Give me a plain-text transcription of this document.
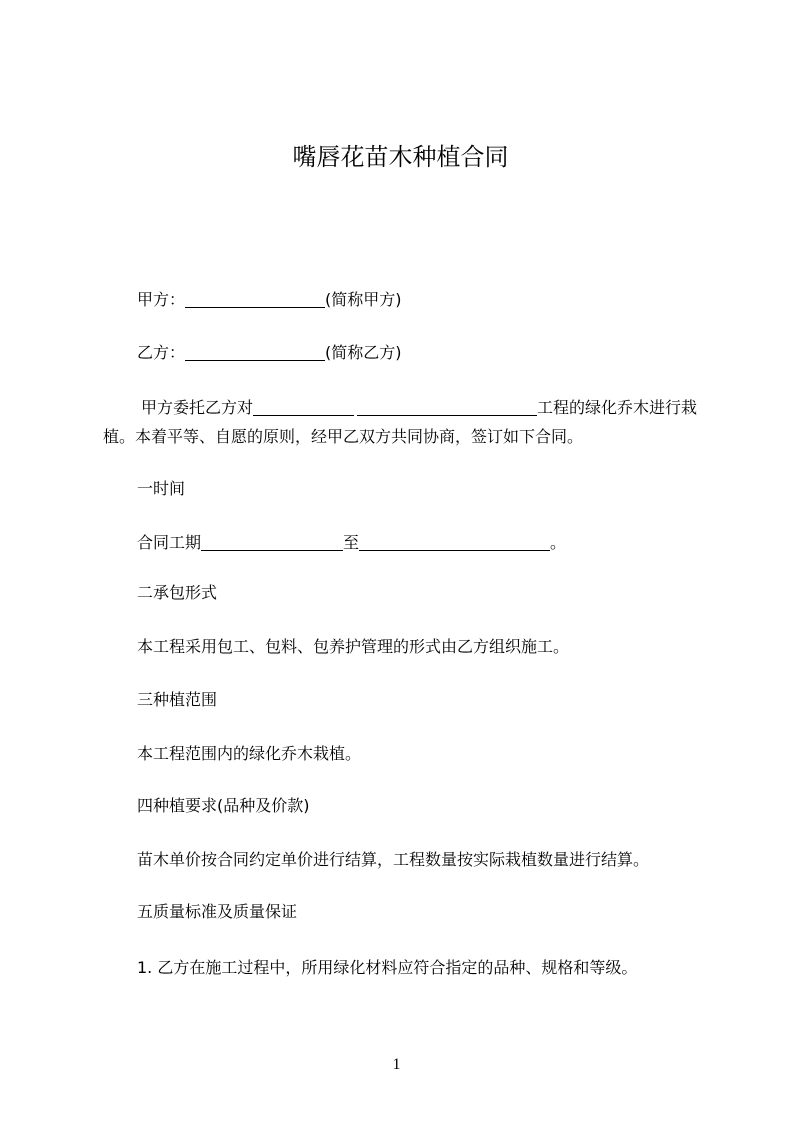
嘴唇花苗木种植合同
甲方：	(简称甲方)
乙方：	(简称乙方)
甲方委托乙方对	工程的绿化乔木进行栽
植。本着平等、自愿的原则，经甲乙双方共同协商，签订如下合同。
一时间
合同工期	至	。
二承包形式
本工程采用包工、包料、包养护管理的形式由乙方组织施工。
三种植范围
本工程范围内的绿化乔木栽植。
四种植要求(品种及价款)
苗木单价按合同约定单价进行结算，工程数量按实际栽植数量进行结算。
五质量标准及质量保证
1. 乙方在施工过程中，所用绿化材料应符合指定的品种、规格和等级。
1
